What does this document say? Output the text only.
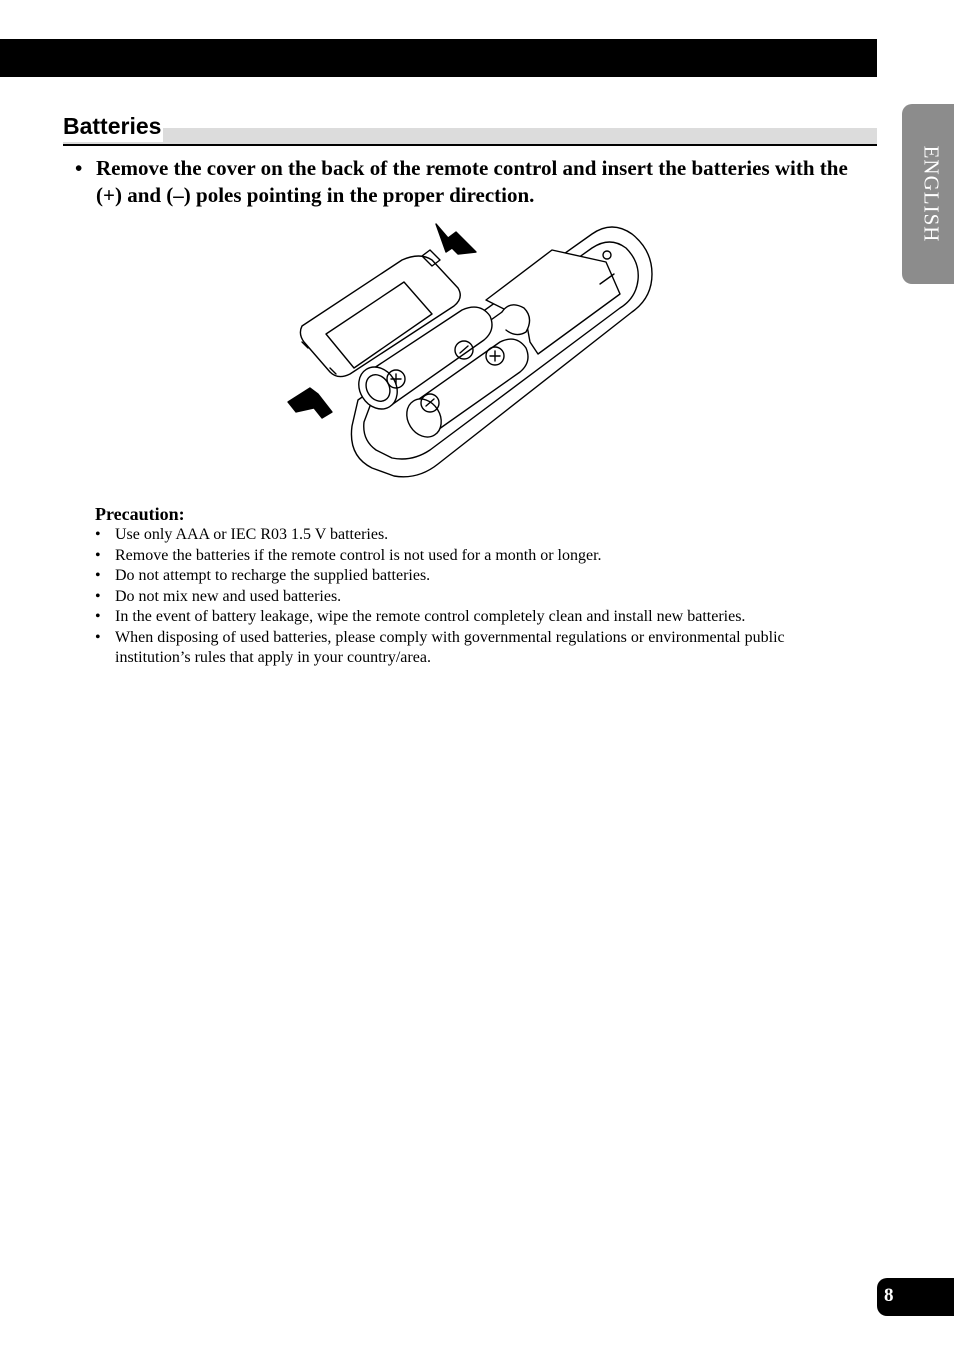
Batteries
ENGLISH
• Remove the cover on the back of the remote control and insert the batteries with the (+) and (–) poles pointing in the proper direction.
Precaution:
• Use only AAA or IEC R03 1.5 V batteries.
• Remove the batteries if the remote control is not used for a month or longer.
• Do not attempt to recharge the supplied batteries.
• Do not mix new and used batteries.
• In the event of battery leakage, wipe the remote control completely clean and install new batteries.
• When disposing of used batteries, please comply with governmental regulations or environmental public institution’s rules that apply in your country/area.
8
